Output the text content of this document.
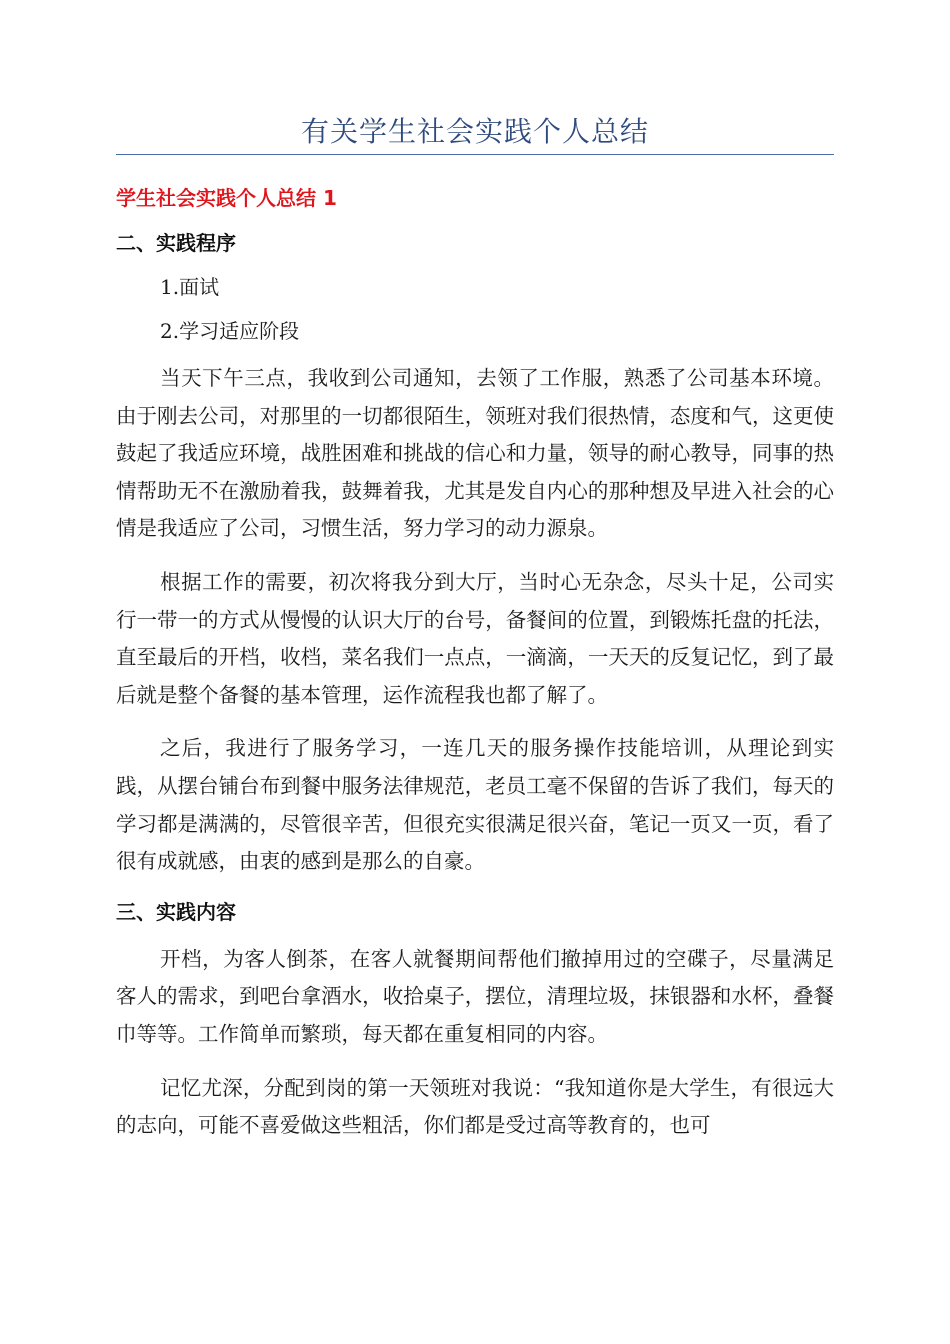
有关学生社会实践个人总结
学生社会实践个人总结 1
二、实践程序
1.面试
2.学习适应阶段

当天下午三点，我收到公司通知，去领了工作服，熟悉了公司基本环境。由于刚去公司，对那里的一切都很陌生，领班对我们很热情，态度和气，这更使鼓起了我适应环境，战胜困难和挑战的信心和力量，领导的耐心教导，同事的热情帮助无不在激励着我，鼓舞着我，尤其是发自内心的那种想及早进入社会的心情是我适应了公司，习惯生活，努力学习的动力源泉。

根据工作的需要，初次将我分到大厅，当时心无杂念，尽头十足，公司实行一带一的方式从慢慢的认识大厅的台号，备餐间的位置，到锻炼托盘的托法，直至最后的开档，收档，菜名我们一点点，一滴滴，一天天的反复记忆，到了最后就是整个备餐的基本管理，运作流程我也都了解了。

之后，我进行了服务学习，一连几天的服务操作技能培训，从理论到实践，从摆台铺台布到餐中服务法律规范，老员工毫不保留的告诉了我们，每天的学习都是满满的，尽管很辛苦，但很充实很满足很兴奋，笔记一页又一页，看了很有成就感，由衷的感到是那么的自豪。

三、实践内容

开档，为客人倒茶，在客人就餐期间帮他们撤掉用过的空碟子，尽量满足客人的需求，到吧台拿酒水，收拾桌子，摆位，清理垃圾，抹银器和水杯，叠餐巾等等。工作简单而繁琐，每天都在重复相同的内容。

记忆尤深，分配到岗的第一天领班对我说：“我知道你是大学生，有很远大的志向，可能不喜爱做这些粗活，你们都是受过高等教育的，也可
